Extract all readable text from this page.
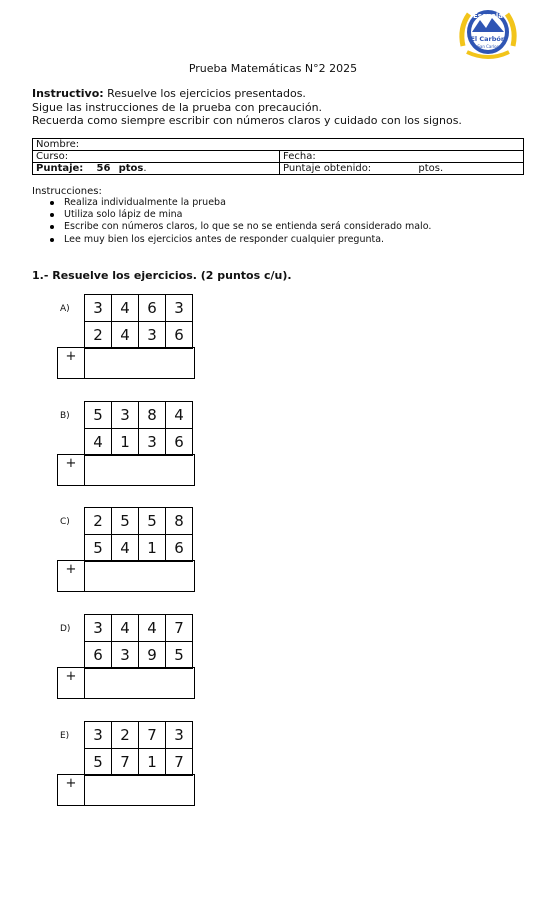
Escuela
El Carbón
San Carlos
Prueba Matemáticas N°2 2025
Instructivo: Resuelve los ejercicios presentados.
Sigue las instrucciones de la prueba con precaución.
Recuerda como siempre escribir con números claros y cuidado con los signos.
Nombre:	
Curso:	Fecha:
Puntaje: 56 ptos.	Puntaje obtenido: ptos.
Instrucciones:
Realiza individualmente la prueba
Utiliza solo lápiz de mina
Escribe con números claros, lo que se no se entienda será considerado malo.
Lee muy bien los ejercicios antes de responder cualquier pregunta.
1.- Resuelve los ejercicios. (2 puntos c/u).
A) 3	4	6	3
2	4	3	6
+
B) 5	3	8	4
4	1	3	6
+
C) 2	5	5	8
5	4	1	6
+
D) 3	4	4	7
6	3	9	5
+
E) 3	2	7	3
5	7	1	7
+
